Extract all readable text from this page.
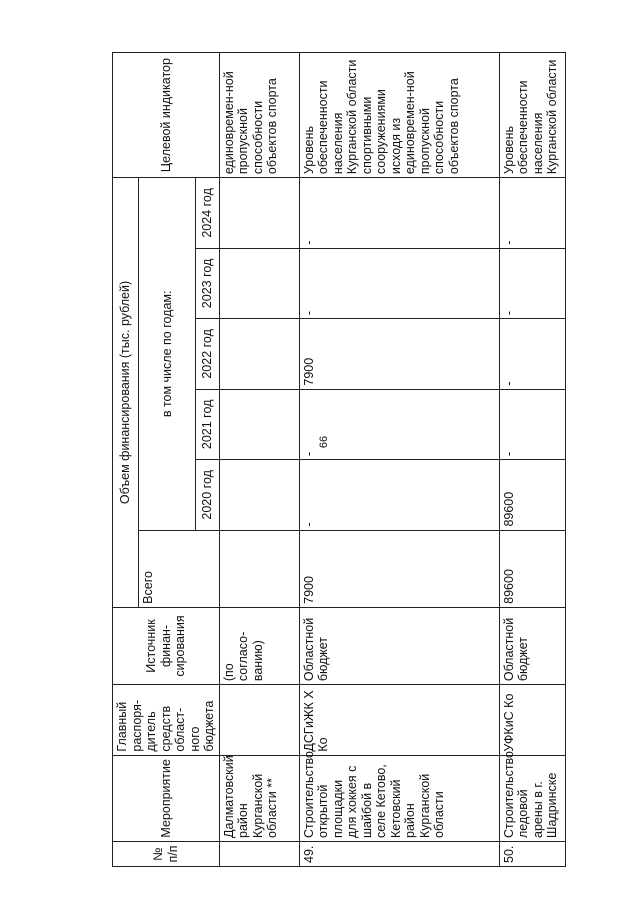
66
№ п/п	Мероприятие	Главный распоря-дитель средств област-ного бюджета	Источник финан-сирования	Объем финансирования (тыс. рублей)						Целевой индикатор
				Всего	в том числе по годам:					
					2020 год	2021 год	2022 год	2023 год	2024 год	
	Далматовский район Курганской области **		(по согласо-ванию)							единовремен-ной пропускной способности объектов спорта
49.	Строительство открытой площадки для хоккея с шайбой в селе Кетово, Кетовский район Курганской области	ДСГиЖК Х Ко	Областной бюджет	7900	-	-	7900	-	-	Уровень обеспеченности населения Курганской области спортивными сооружениями исходя из единовремен-ной пропускной способности объектов спорта
50.	Строительство ледовой арены в г. Шадринске	УФКиС Ко	Областной бюджет	89600	89600	-	-	-	-	Уровень обеспеченности населения Курганской области
